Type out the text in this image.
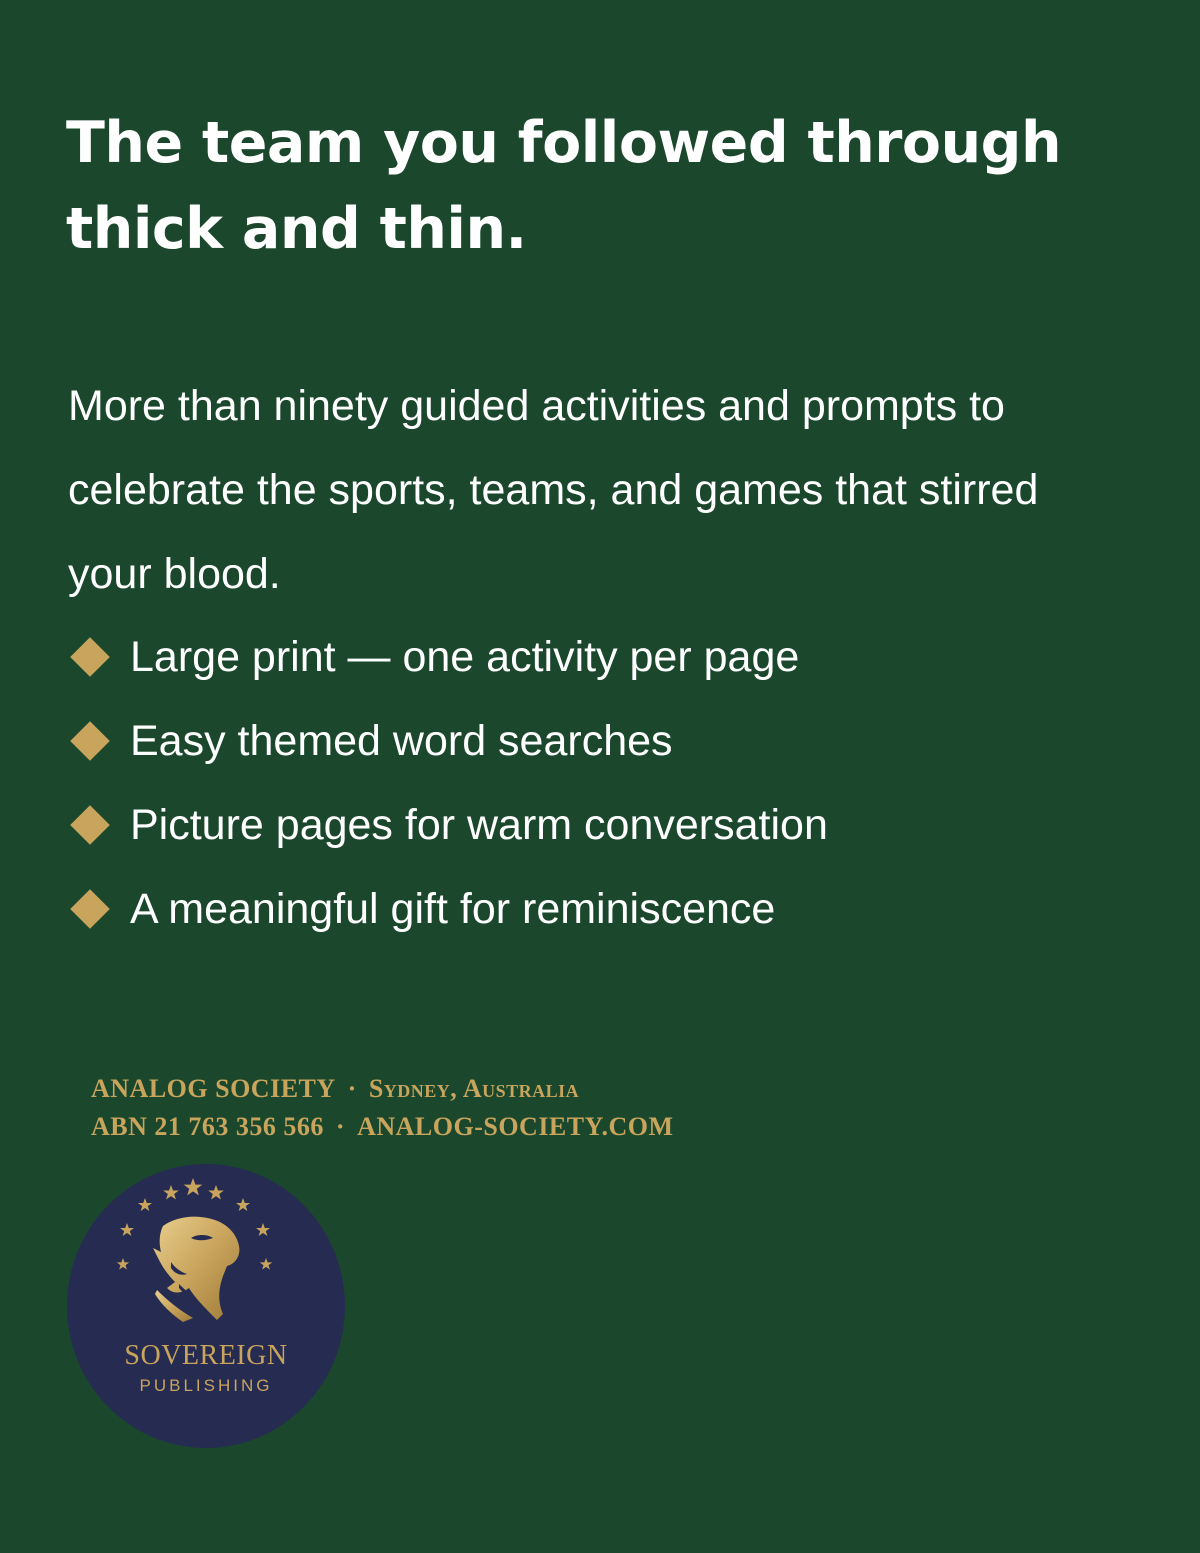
The team you followed through thick and thin.

More than ninety guided activities and prompts to celebrate the sports, teams, and games that stirred your blood.

Large print — one activity per page
Easy themed word searches
Picture pages for warm conversation
A meaningful gift for reminiscence
ANALOG SOCIETY · Sydney, Australia
ABN 21 763 356 566 · ANALOG-SOCIETY.COM
SOVEREIGN
PUBLISHING
